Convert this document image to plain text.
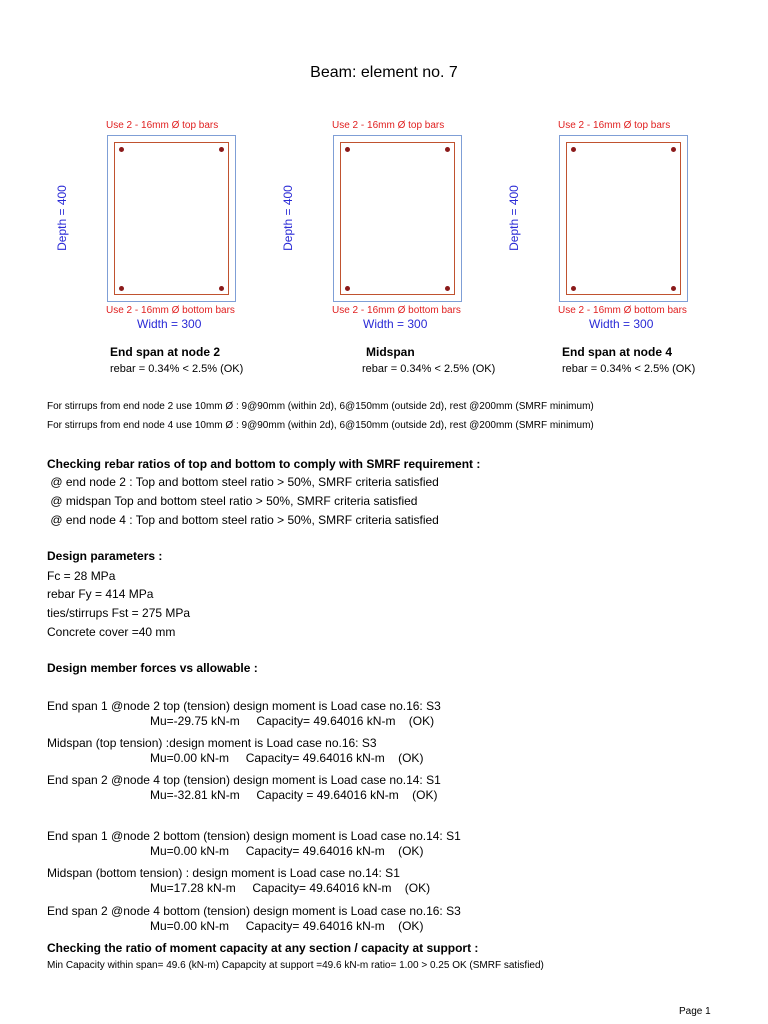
Beam: element no. 7
Use 2 - 16mm Ø top bars
Depth = 400
Use 2 - 16mm Ø bottom bars
Width = 300
End span at node 2
rebar = 0.34% < 2.5% (OK)
Use 2 - 16mm Ø top bars
Depth = 400
Use 2 - 16mm Ø bottom bars
Width = 300
Midspan
rebar = 0.34% < 2.5% (OK)
Use 2 - 16mm Ø top bars
Depth = 400
Use 2 - 16mm Ø bottom bars
Width = 300
End span at node 4
rebar = 0.34% < 2.5% (OK)
For stirrups from end node 2 use 10mm Ø : 9@90mm (within 2d), 6@150mm (outside 2d), rest @200mm (SMRF minimum)
For stirrups from end node 4 use 10mm Ø : 9@90mm (within 2d), 6@150mm (outside 2d), rest @200mm (SMRF minimum)
Checking rebar ratios of top and bottom to comply with SMRF requirement :
@ end node 2 : Top and bottom steel ratio > 50%, SMRF criteria satisfied
@ midspan Top and bottom steel ratio > 50%, SMRF criteria satisfied
@ end node 4 : Top and bottom steel ratio > 50%, SMRF criteria satisfied
Design parameters :
Fc = 28 MPa
rebar Fy = 414 MPa
ties/stirrups Fst = 275 MPa
Concrete cover =40 mm
Design member forces vs allowable :
End span 1 @node 2 top (tension) design moment is Load case no.16: S3
Mu=-29.75 kN-m     Capacity= 49.64016 kN-m    (OK)
Midspan (top tension) :design moment is Load case no.16: S3
Mu=0.00 kN-m     Capacity= 49.64016 kN-m    (OK)
End span 2 @node 4 top (tension) design moment is Load case no.14: S1
Mu=-32.81 kN-m     Capacity = 49.64016 kN-m    (OK)
End span 1 @node 2 bottom (tension) design moment is Load case no.14: S1
Mu=0.00 kN-m     Capacity= 49.64016 kN-m    (OK)
Midspan (bottom tension) : design moment is Load case no.14: S1
Mu=17.28 kN-m     Capacity= 49.64016 kN-m    (OK)
End span 2 @node 4 bottom (tension) design moment is Load case no.16: S3
Mu=0.00 kN-m     Capacity= 49.64016 kN-m    (OK)
Checking the ratio of moment capacity at any section / capacity at support :
Min Capacity within span= 49.6 (kN-m) Capapcity at support =49.6 kN-m ratio= 1.00 > 0.25 OK (SMRF satisfied)
Page 1
